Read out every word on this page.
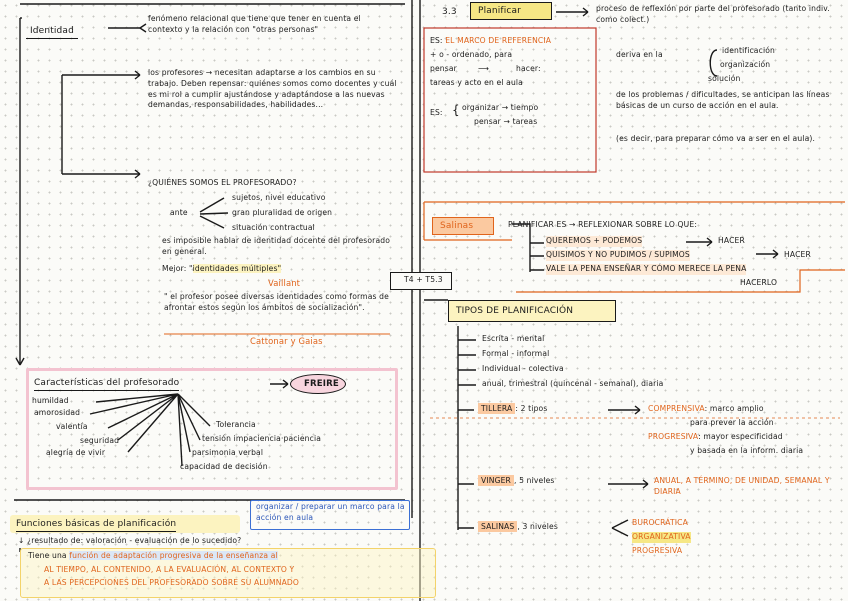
Identidad
fenómeno relacional que tiene que tener en cuenta el contexto y la relación con "otras personas"
los profesores → necesitan adaptarse a los cambios en su trabajo. Deben repensar: quiénes somos como docentes y cuál es mi rol a cumplir ajustándose y adaptándose a las nuevas demandas, responsabilidades, habilidades...
¿QUIÉNES SOMOS EL PROFESORADO?
ante
sujetos, nivel educativo
gran pluralidad de origen
situación contractual
es imposible hablar de identidad docente del profesorado en general.
Mejor: "identidades múltiples"
Vaillant
" el profesor posee diversas identidades como formas de afrontar estos según los ámbitos de socialización".
Cattonar y Gaias
Características del profesorado	FREIRE
humildad
amorosidad
valentía
seguridad
alegría de vivir
Tolerancia
tensión impaciencia·paciencia
parsimonia verbal
capacidad de decisión
Funciones básicas de planificación
organizar / preparar un marco para la acción en aula
↓ ¿resultado de: valoración - evaluación de lo sucedido?
Tiene una función de adaptación progresiva de la enseñanza al
AL TIEMPO, AL CONTENIDO, A LA EVALUACIÓN, AL CONTEXTO Y
A LAS PERCEPCIONES DEL PROFESORADO SOBRE SU ALUMNADO
T4 + T5.3
3.3 Planificar	proceso de reflexión por parte del profesorado (tanto indiv. como colect.)
ES: EL MARCO DE REFERENCIA
+ o - ordenado, para
pensar	⟶	hacer:
tareas y acto en el aula
ES: { organizar → tiempo
pensar → tareas
deriva en la	identificación
organización
solución
de los problemas / dificultades, se anticipan las líneas básicas de un curso de acción en el aula.
(es decir, para preparar cómo va a ser en el aula).
Salinas	PLANIFICAR ES → REFLEXIONAR SOBRE LO QUE:
QUEREMOS + PODEMOS	HACER
QUISIMOS Y NO PUDIMOS / SUPIMOS	HACER
VALE LA PENA ENSEÑAR Y CÓMO MERECE LA PENA
HACERLO
TIPOS DE PLANIFICACIÓN
Escrita - mental
Formal - informal
Individual - colectiva
anual, trimestral (quincenal - semanal), diaria
TILLERA : 2 tipos	COMPRENSIVA: marco amplio
para prever la acción
PROGRESIVA: mayor especificidad
y basada en la inform. diaria
VINGER , 5 niveles	ANUAL, A TÉRMINO, DE UNIDAD, SEMANAL Y DIARIA
SALINAS , 3 niveles	BUROCRÁTICA
ORGANIZATIVA
PROGRESIVA
